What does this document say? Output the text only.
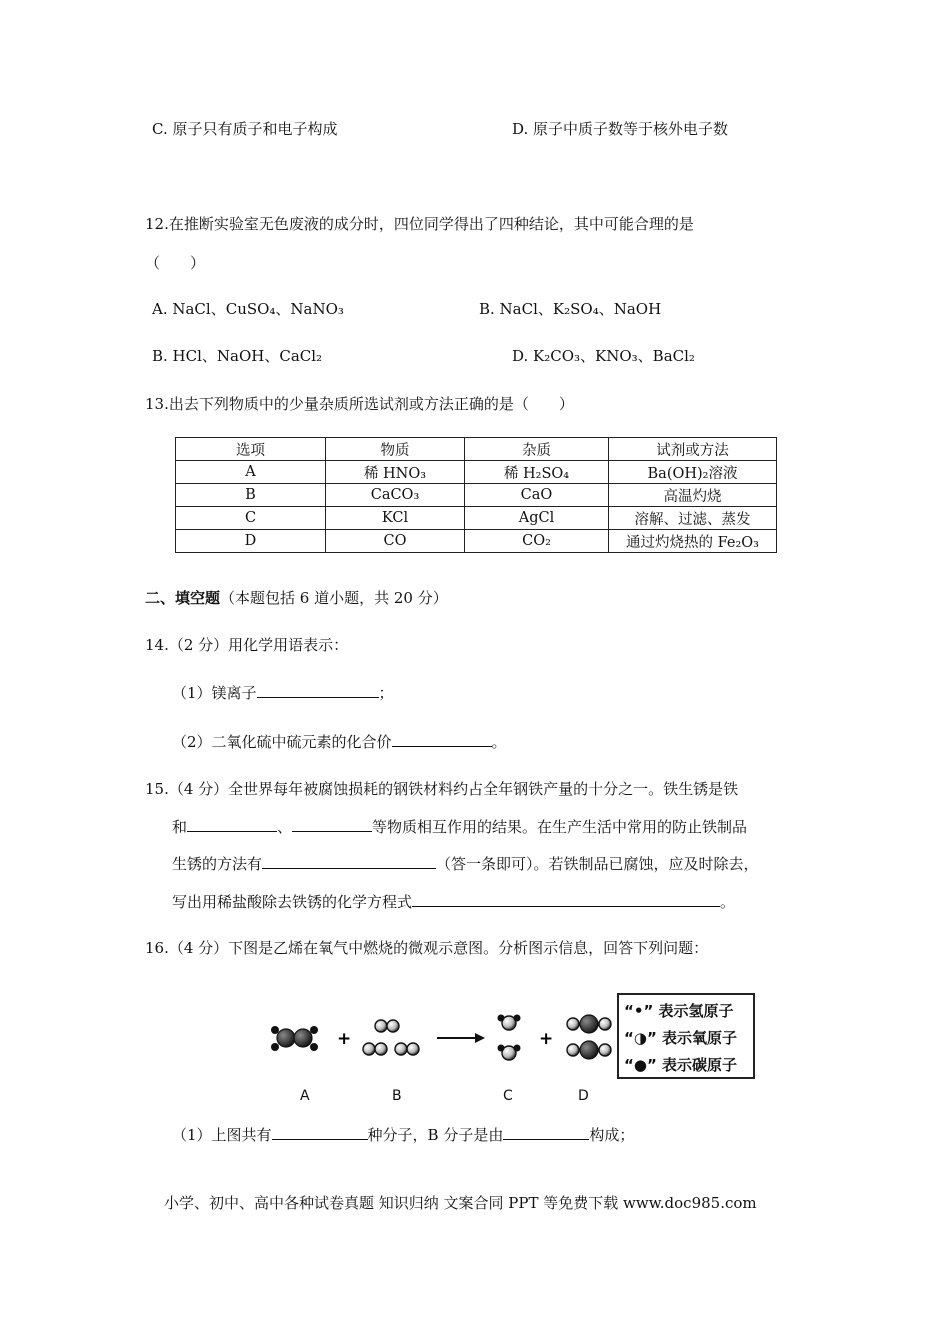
C. 原子只有质子和电子构成	D. 原子中质子数等于核外电子数
12.在推断实验室无色废液的成分时，四位同学得出了四种结论，其中可能合理的是
（　　）
A. NaCl、CuSO₄、NaNO₃	B. NaCl、K₂SO₄、NaOH
B. HCl、NaOH、CaCl₂	D. K₂CO₃、KNO₃、BaCl₂
13.出去下列物质中的少量杂质所选试剂或方法正确的是（　　）
选项	物质	杂质	试剂或方法
A	稀 HNO₃	稀 H₂SO₄	Ba(OH)₂溶液
B	CaCO₃	CaO	高温灼烧
C	KCl	AgCl	溶解、过滤、蒸发
D	CO	CO₂	通过灼烧热的 Fe₂O₃
二、填空题（本题包括 6 道小题，共 20 分）
14.（2 分）用化学用语表示：
（1）镁离子	；
（2）二氧化硫中硫元素的化合价	。
15.（4 分）全世界每年被腐蚀损耗的钢铁材料约占全年钢铁产量的十分之一。铁生锈是铁
和	、	等物质相互作用的结果。在生产生活中常用的防止铁制品
生锈的方法有	（答一条即可）。若铁制品已腐蚀，应及时除去，
写出用稀盐酸除去铁锈的化学方程式	。
16.（4 分）下图是乙烯在氧气中燃烧的微观示意图。分析图示信息，回答下列问题：
+	+
A	B	C	D
“•” 表示氢原子
“◑” 表示氧原子
“●” 表示碳原子
（1）上图共有	种分子，B 分子是由	构成；
小学、初中、高中各种试卷真题 知识归纳 文案合同 PPT 等免费下载 www.doc985.com
